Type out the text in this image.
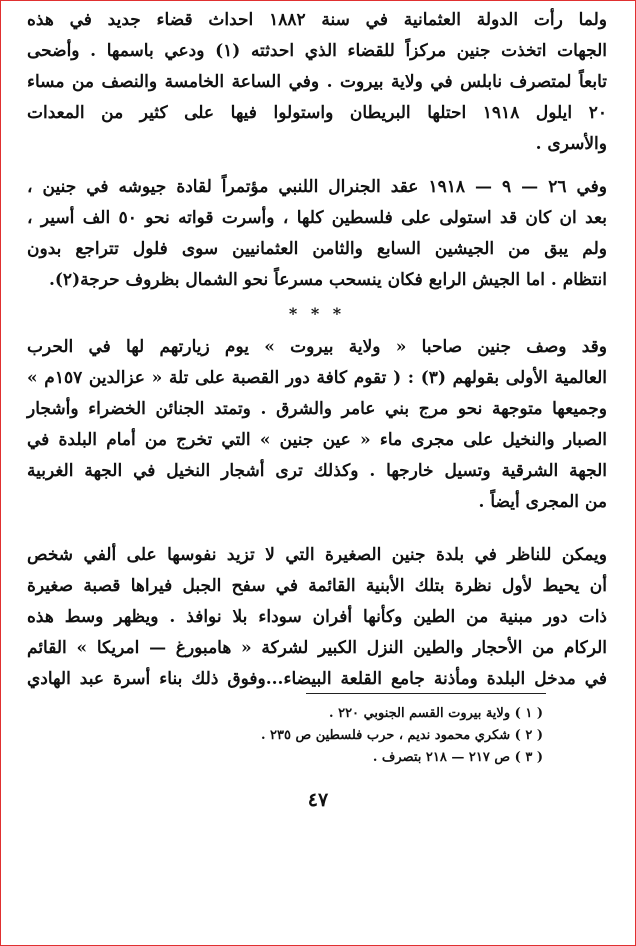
ولما رأت الدولة العثمانية في سنة ١٨٨٢ احداث قضاء جديد في هذه
الجهات اتخذت جنين مركزاً للقضاء الذي احدثته (١) ودعي باسمها . وأضحى
تابعاً لمتصرف نابلس في ولاية بيروت . وفي الساعة الخامسة والنصف من مساء
٢٠ ايلول ١٩١٨ احتلها البريطان واستولوا فيها على كثير من المعدات
والأسرى .
وفي ٢٦ — ٩ — ١٩١٨ عقد الجنرال اللنبي مؤتمراً لقادة جيوشه في جنين ،
بعد ان كان قد استولى على فلسطين كلها ، وأسرت قواته نحو ٥٠ الف أسير ،
ولم يبق من الجيشين السابع والثامن العثمانيين سوى فلول تتراجع بدون
انتظام . اما الجيش الرابع فكان ينسحب مسرعاً نحو الشمال بظروف حرجة(٢).
* * *
وقد وصف جنين صاحبا « ولاية بيروت » يوم زيارتهم لها في الحرب
العالمية الأولى بقولهم (٣) : ( تقوم كافة دور القصبة على تلة « عزالدين ١٥٧م »
وجميعها متوجهة نحو مرج بني عامر والشرق . وتمتد الجنائن الخضراء وأشجار
الصبار والنخيل على مجرى ماء « عين جنين » التي تخرج من أمام البلدة في
الجهة الشرقية وتسيل خارجها . وكذلك ترى أشجار النخيل في الجهة الغربية
من المجرى أيضاً .
ويمكن للناظر في بلدة جنين الصغيرة التي لا تزيد نفوسها على ألفي شخص
أن يحيط لأول نظرة بتلك الأبنية القائمة في سفح الجبل فيراها قصبة صغيرة
ذات دور مبنية من الطين وكأنها أفران سوداء بلا نوافذ . ويظهر وسط هذه
الركام من الأحجار والطين النزل الكبير لشركة « هامبورغ — امريكا » القائم
في مدخل البلدة ومأذنة جامع القلعة البيضاء...وفوق ذلك بناء أسرة عبد الهادي
( ١ ) ولاية بيروت القسم الجنوبي ٢٢٠ .
( ٢ ) شكري محمود نديم ، حرب فلسطين ص ٢٣٥ .
( ٣ ) ص ٢١٧ — ٢١٨ بتصرف .
٤٧
